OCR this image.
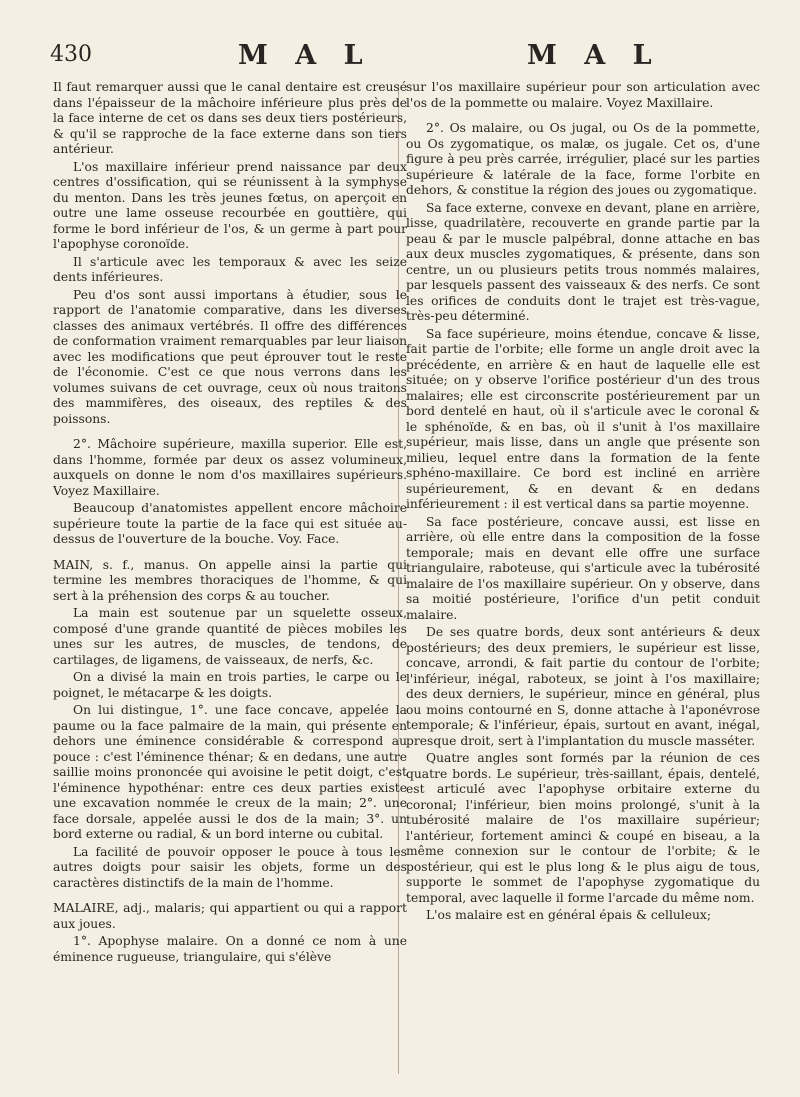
430	M A L	M A L

Il faut remarquer aussi que le canal dentaire est creusé dans l'épaisseur de la mâchoire inférieure plus près de la face interne de cet os dans ses deux tiers postérieurs, & qu'il se rapproche de la face externe dans son tiers antérieur.

L'os maxillaire inférieur prend naissance par deux centres d'ossification, qui se réunissent à la symphyse du menton. Dans les très jeunes fœtus, on aperçoit en outre une lame osseuse recourbée en gouttière, qui forme le bord inférieur de l'os, & un germe à part pour l'apophyse coronoïde.

Il s'articule avec les temporaux & avec les seize dents inférieures.

Peu d'os sont aussi importans à étudier, sous le rapport de l'anatomie comparative, dans les diverses classes des animaux vertébrés. Il offre des différences de conformation vraiment remarquables par leur liaison avec les modifications que peut éprouver tout le reste de l'économie. C'est ce que nous verrons dans les volumes suivans de cet ouvrage, ceux où nous traitons des mammifères, des oiseaux, des reptiles & des poissons.

2°. Mâchoire supérieure, maxilla superior. Elle est, dans l'homme, formée par deux os assez volumineux, auxquels on donne le nom d'os maxillaires supérieurs. Voyez Maxillaire.

Beaucoup d'anatomistes appellent encore mâchoire supérieure toute la partie de la face qui est située au-dessus de l'ouverture de la bouche. Voy. Face.

MAIN, s. f., manus. On appelle ainsi la partie qui termine les membres thoraciques de l'homme, & qui sert à la préhension des corps & au toucher.

La main est soutenue par un squelette osseux, composé d'une grande quantité de pièces mobiles les unes sur les autres, de muscles, de tendons, de cartilages, de ligamens, de vaisseaux, de nerfs, &c.

On a divisé la main en trois parties, le carpe ou le poignet, le métacarpe & les doigts.

On lui distingue, 1°. une face concave, appelée la paume ou la face palmaire de la main, qui présente en dehors une éminence considérable & correspond au pouce : c'est l'éminence thénar; & en dedans, une autre saillie moins prononcée qui avoisine le petit doigt, c'est l'éminence hypothénar: entre ces deux parties existe une excavation nommée le creux de la main; 2°. une face dorsale, appelée aussi le dos de la main; 3°. un bord externe ou radial, & un bord interne ou cubital.

La facilité de pouvoir opposer le pouce à tous les autres doigts pour saisir les objets, forme un des caractères distinctifs de la main de l'homme.

MALAIRE, adj., malaris; qui appartient ou qui a rapport aux joues.

1°. Apophyse malaire. On a donné ce nom à une éminence rugueuse, triangulaire, qui s'élève

sur l'os maxillaire supérieur pour son articulation avec l'os de la pommette ou malaire. Voyez Maxillaire.

2°. Os malaire, ou Os jugal, ou Os de la pommette, ou Os zygomatique, os malæ, os jugale. Cet os, d'une figure à peu près carrée, irrégulier, placé sur les parties supérieure & latérale de la face, forme l'orbite en dehors, & constitue la région des joues ou zygomatique.

Sa face externe, convexe en devant, plane en arrière, lisse, quadrilatère, recouverte en grande partie par la peau & par le muscle palpébral, donne attache en bas aux deux muscles zygomatiques, & présente, dans son centre, un ou plusieurs petits trous nommés malaires, par lesquels passent des vaisseaux & des nerfs. Ce sont les orifices de conduits dont le trajet est très-vague, très-peu déterminé.

Sa face supérieure, moins étendue, concave & lisse, fait partie de l'orbite; elle forme un angle droit avec la précédente, en arrière & en haut de laquelle elle est située; on y observe l'orifice postérieur d'un des trous malaires; elle est circonscrite postérieurement par un bord dentelé en haut, où il s'articule avec le coronal & le sphénoïde, & en bas, où il s'unit à l'os maxillaire supérieur, mais lisse, dans un angle que présente son milieu, lequel entre dans la formation de la fente sphéno-maxillaire. Ce bord est incliné en arrière supérieurement, & en devant & en dedans inférieurement : il est vertical dans sa partie moyenne.

Sa face postérieure, concave aussi, est lisse en arrière, où elle entre dans la composition de la fosse temporale; mais en devant elle offre une surface triangulaire, raboteuse, qui s'articule avec la tubérosité malaire de l'os maxillaire supérieur. On y observe, dans sa moitié postérieure, l'orifice d'un petit conduit malaire.

De ses quatre bords, deux sont antérieurs & deux postérieurs; des deux premiers, le supérieur est lisse, concave, arrondi, & fait partie du contour de l'orbite; l'inférieur, inégal, raboteux, se joint à l'os maxillaire; des deux derniers, le supérieur, mince en général, plus ou moins contourné en S, donne attache à l'aponévrose temporale; & l'inférieur, épais, surtout en avant, inégal, presque droit, sert à l'implantation du muscle masséter.

Quatre angles sont formés par la réunion de ces quatre bords. Le supérieur, très-saillant, épais, dentelé, est articulé avec l'apophyse orbitaire externe du coronal; l'inférieur, bien moins prolongé, s'unit à la tubérosité malaire de l'os maxillaire supérieur; l'antérieur, fortement aminci & coupé en biseau, a la même connexion sur le contour de l'orbite; & le postérieur, qui est le plus long & le plus aigu de tous, supporte le sommet de l'apophyse zygomatique du temporal, avec laquelle il forme l'arcade du même nom.

L'os malaire est en général épais & celluleux;
